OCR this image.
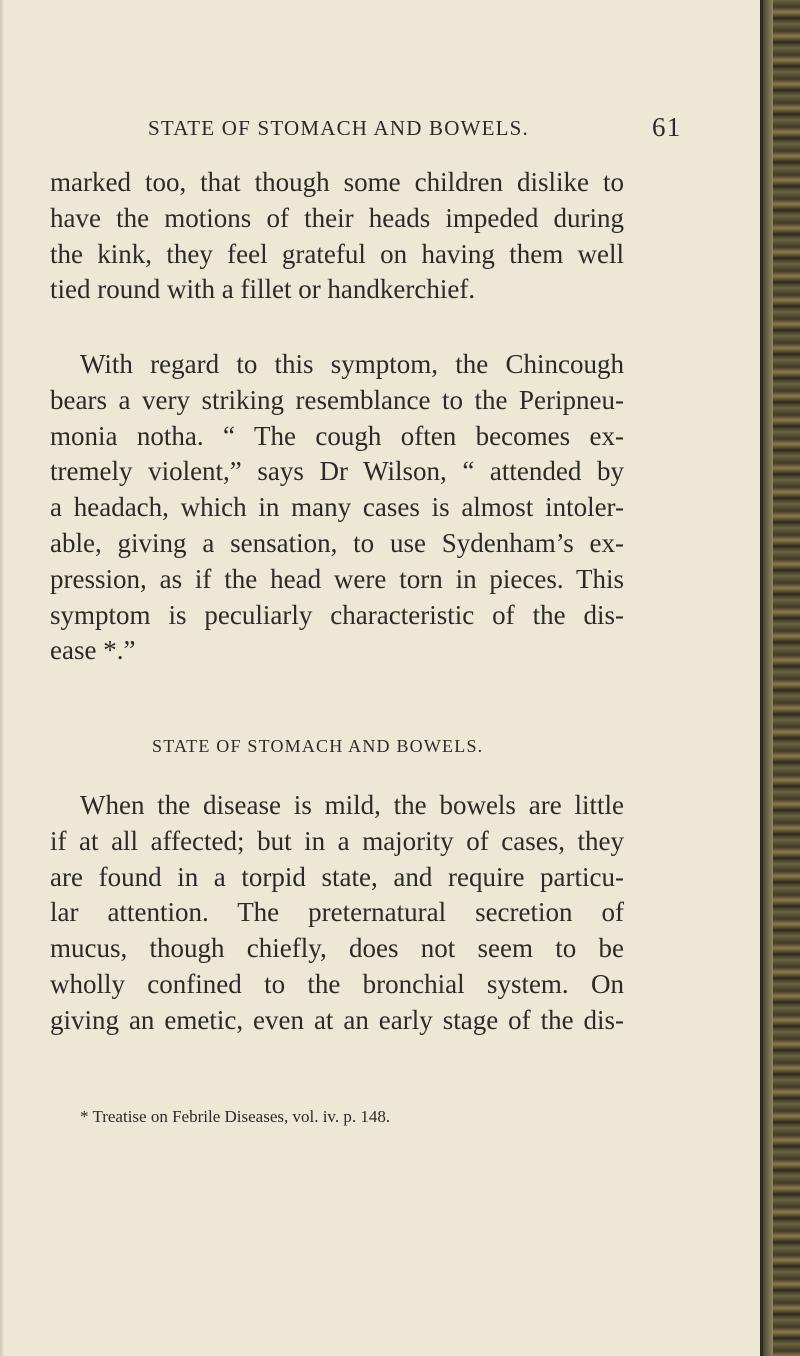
STATE OF STOMACH AND BOWELS.	61
marked too, that though some children dislike to
have the motions of their heads impeded during
the kink, they feel grateful on having them well
tied round with a fillet or handkerchief.
With regard to this symptom, the Chincough
bears a very striking resemblance to the Peripneu-
monia notha. “ The cough often becomes ex-
tremely violent,” says Dr Wilson, “ attended by
a headach, which in many cases is almost intoler-
able, giving a sensation, to use Sydenham’s ex-
pression, as if the head were torn in pieces. This
symptom is peculiarly characteristic of the dis-
ease *.”
STATE OF STOMACH AND BOWELS.
When the disease is mild, the bowels are little
if at all affected; but in a majority of cases, they
are found in a torpid state, and require particu-
lar attention. The preternatural secretion of
mucus, though chiefly, does not seem to be
wholly confined to the bronchial system. On
giving an emetic, even at an early stage of the dis-
* Treatise on Febrile Diseases, vol. iv. p. 148.
